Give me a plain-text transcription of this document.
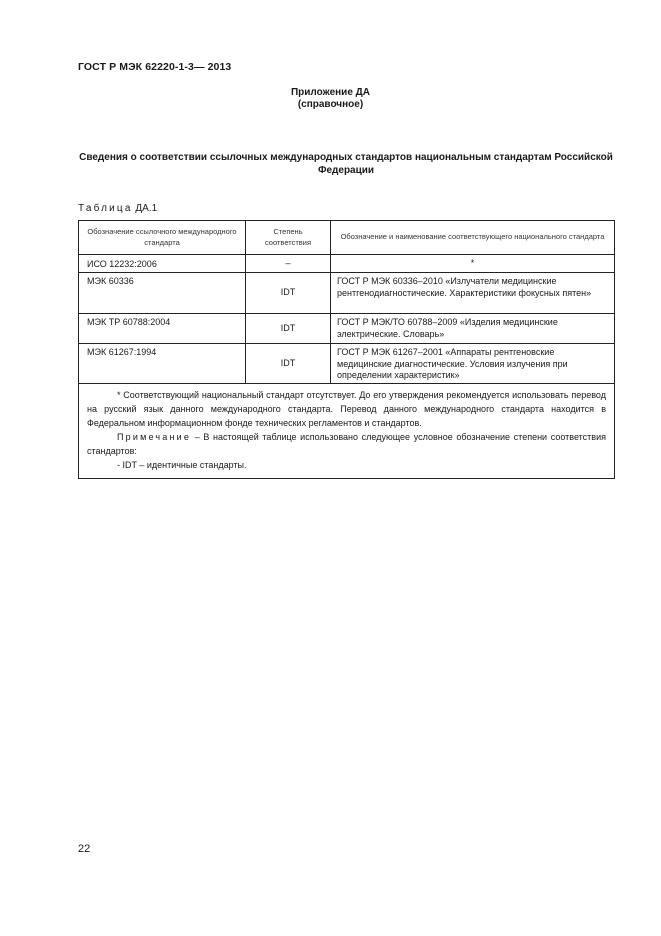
ГОСТ Р МЭК 62220-1-3— 2013
Приложение ДА
(справочное)
Сведения о соответствии ссылочных международных стандартов национальным стандартам Российской Федерации
Таблица ДА.1
Обозначение ссылочного международного стандарта	Степень соответствия	Обозначение и наименование соответствующего национального стандарта
ИСО 12232:2006	–	*
МЭК 60336	IDT	ГОСТ Р МЭК 60336–2010 «Излучатели медицинские рентгенодиагностические. Характеристики фокусных пятен»
МЭК ТР 60788:2004	IDT	ГОСТ Р МЭК/ТО 60788–2009 «Изделия медицинские электрические. Словарь»
МЭК 61267:1994	IDT	ГОСТ Р МЭК 61267–2001 «Аппараты рентгеновские медицинские диагностические. Условия излучения при определении характеристик»

* Соответствующий национальный стандарт отсутствует. До его утверждения рекомендуется использовать перевод на русский язык данного международного стандарта. Перевод данного международного стандарта находится в Федеральном информационном фонде технических регламентов и стандартов.

Примечание – В настоящей таблице использовано следующее условное обозначение степени соответствия стандартов:

- IDT – идентичные стандарты.		

22
